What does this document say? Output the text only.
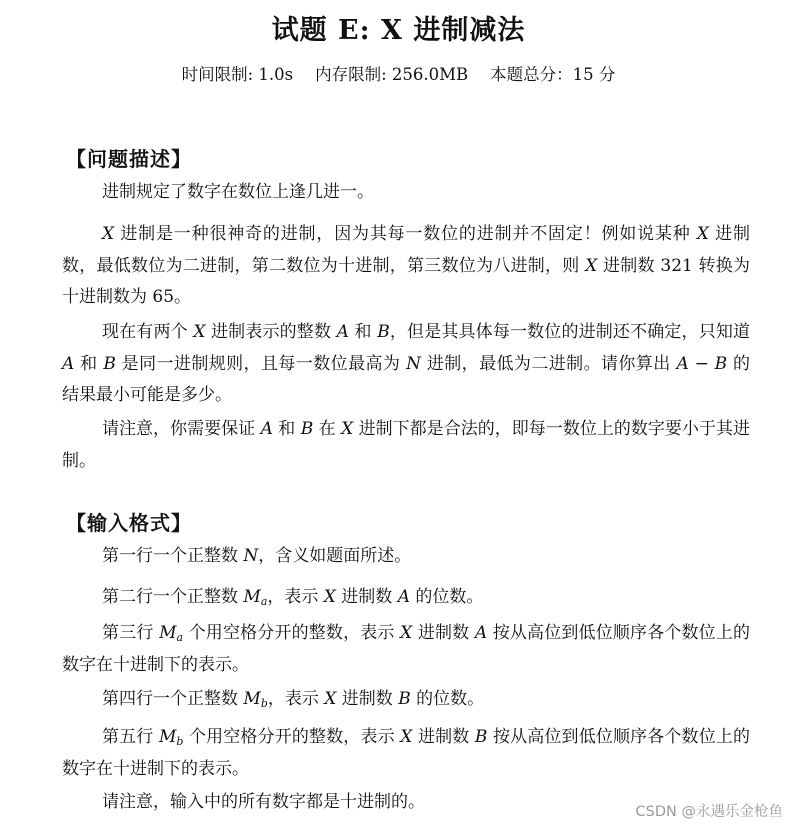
试题 E: X 进制减法
时间限制: 1.0s 内存限制: 256.0MB 本题总分：15 分
【问题描述】
进制规定了数字在数位上逢几进一。
X 进制是一种很神奇的进制，因为其每一数位的进制并不固定！例如说某种 X 进制数，最低数位为二进制，第二数位为十进制，第三数位为八进制，则 X 进制数 321 转换为十进制数为 65。
现在有两个 X 进制表示的整数 A 和 B，但是其具体每一数位的进制还不确定，只知道 A 和 B 是同一进制规则，且每一数位最高为 N 进制，最低为二进制。请你算出 A − B 的结果最小可能是多少。
请注意，你需要保证 A 和 B 在 X 进制下都是合法的，即每一数位上的数字要小于其进制。
【输入格式】
第一行一个正整数 N，含义如题面所述。
第二行一个正整数 $M_a$，表示 X 进制数 A 的位数。
第三行 $M_a$ 个用空格分开的整数，表示 X 进制数 A 按从高位到低位顺序各个数位上的数字在十进制下的表示。
第四行一个正整数 $M_b$，表示 X 进制数 B 的位数。
第五行 $M_b$ 个用空格分开的整数，表示 X 进制数 B 按从高位到低位顺序各个数位上的数字在十进制下的表示。
请注意，输入中的所有数字都是十进制的。	CSDN @永遇乐金枪鱼
